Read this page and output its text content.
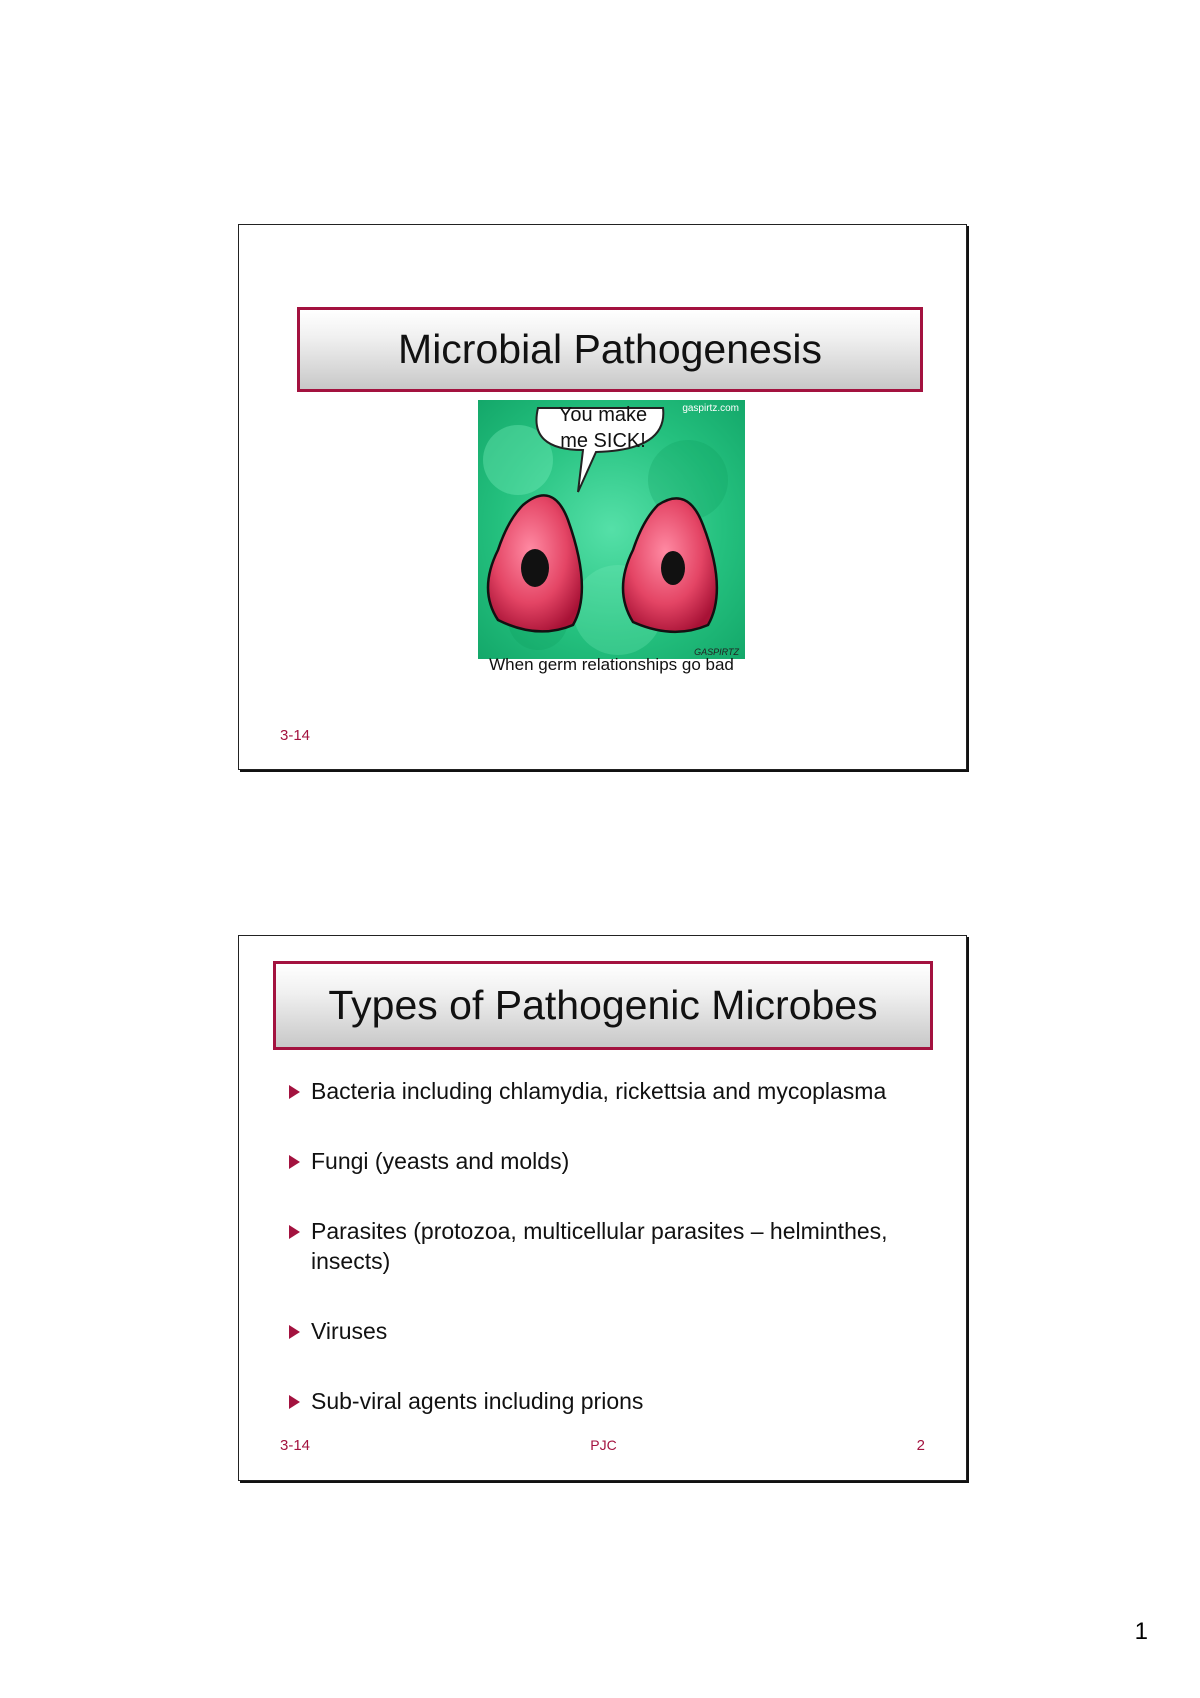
Microbial Pathogenesis
You make
me SICK!
gaspirtz.com
GASPIRTZ
When germ relationships go bad
3-14
Types of Pathogenic Microbes
Bacteria including chlamydia, rickettsia and mycoplasma
Fungi (yeasts and molds)
Parasites (protozoa, multicellular parasites – helminthes, insects)
Viruses
Sub-viral agents including prions
3-14	PJC	2
1
